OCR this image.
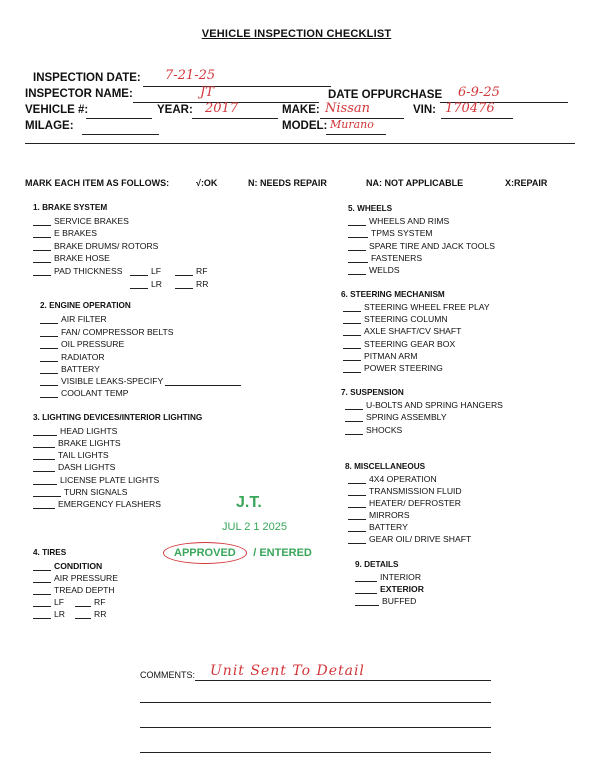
VEHICLE INSPECTION CHECKLIST
INSPECTION DATE: 7-21-25
INSPECTOR NAME:	JT	DATE OFPURCHASE 6-9-25
VEHICLE #:	YEAR: 2017	MAKE: Nissan	VIN: 170476
MILAGE:	MODEL: Murano
MARK EACH ITEM AS FOLLOWS:	√:OK	N: NEEDS REPAIR	NA: NOT APPLICABLE	X:REPAIR
1. BRAKE SYSTEM
SERVICE BRAKES
E BRAKES
BRAKE DRUMS/ ROTORS
BRAKE HOSE
PAD THICKNESS	LF	RF
LR	RR
2. ENGINE OPERATION
AIR FILTER
FAN/ COMPRESSOR BELTS
OIL PRESSURE
RADIATOR
BATTERY
VISIBLE LEAKS-SPECIFY
COOLANT TEMP
3. LIGHTING DEVICES/INTERIOR LIGHTING
HEAD LIGHTS
BRAKE LIGHTS
TAIL LIGHTS
DASH LIGHTS
LICENSE PLATE LIGHTS
TURN SIGNALS
EMERGENCY FLASHERS
4. TIRES
CONDITION
AIR PRESSURE
TREAD DEPTH
LF	RF
LR	RR
5. WHEELS
WHEELS AND RIMS
TPMS SYSTEM
SPARE TIRE AND JACK TOOLS
FASTENERS
WELDS
6. STEERING MECHANISM
STEERING WHEEL FREE PLAY
STEERING COLUMN
AXLE SHAFT/CV SHAFT
STEERING GEAR BOX
PITMAN ARM
POWER STEERING
7. SUSPENSION
U-BOLTS AND SPRING HANGERS
SPRING ASSEMBLY
SHOCKS
8. MISCELLANEOUS
4X4 OPERATION
TRANSMISSION FLUID
HEATER/ DEFROSTER
MIRRORS
BATTERY
GEAR OIL/ DRIVE SHAFT
9. DETAILS
INTERIOR
EXTERIOR
BUFFED
J.T.
JUL 2 1 2025
APPROVED / ENTERED
COMMENTS: Unit Sent To Detail
